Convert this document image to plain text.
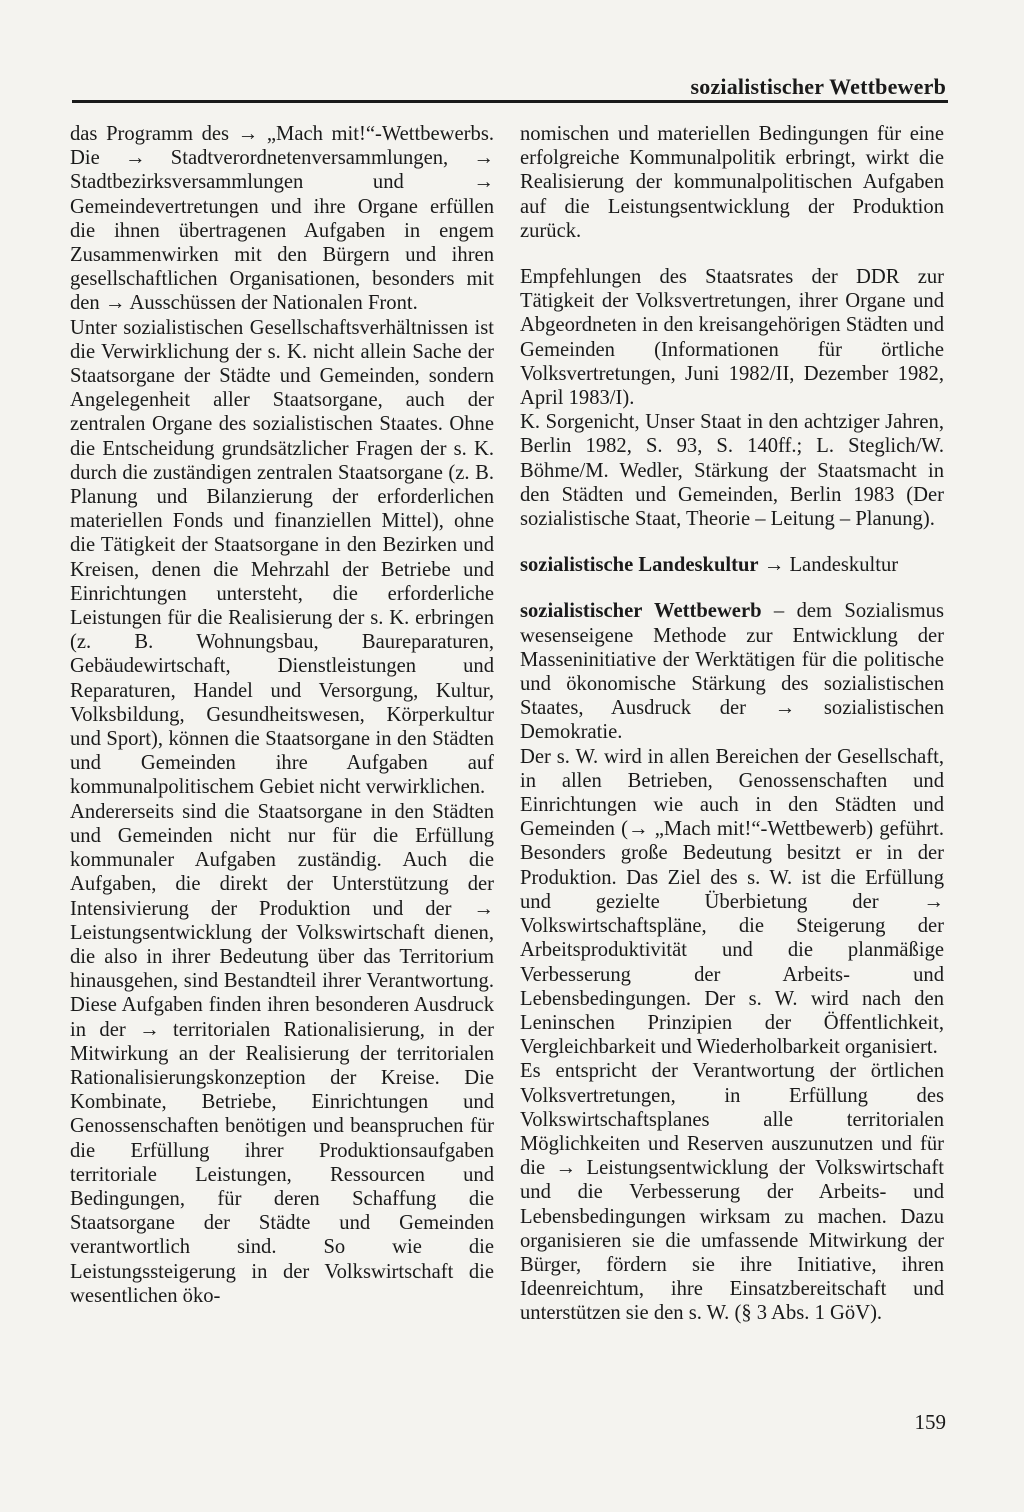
sozialistischer Wettbewerb

das Programm des → „Mach mit!“-Wettbewerbs. Die → Stadtverordnetenversammlungen, → Stadtbezirksversammlungen und → Gemeindevertretungen und ihre Organe erfüllen die ihnen übertragenen Aufgaben in engem Zusammenwirken mit den Bürgern und ihren gesellschaftlichen Organisationen, besonders mit den → Ausschüssen der Nationalen Front.

Unter sozialistischen Gesellschaftsverhältnissen ist die Verwirklichung der s. K. nicht allein Sache der Staatsorgane der Städte und Gemeinden, sondern Angelegenheit aller Staatsorgane, auch der zentralen Organe des sozialistischen Staates. Ohne die Entscheidung grundsätzlicher Fragen der s. K. durch die zuständigen zentralen Staatsorgane (z. B. Planung und Bilanzierung der erforderlichen materiellen Fonds und finanziellen Mittel), ohne die Tätigkeit der Staatsorgane in den Bezirken und Kreisen, denen die Mehrzahl der Betriebe und Einrichtungen untersteht, die erforderliche Leistungen für die Realisierung der s. K. erbringen (z. B. Wohnungsbau, Baureparaturen, Gebäudewirtschaft, Dienstleistungen und Reparaturen, Handel und Versorgung, Kultur, Volksbildung, Gesundheitswesen, Körperkultur und Sport), können die Staatsorgane in den Städten und Gemeinden ihre Aufgaben auf kommunalpolitischem Gebiet nicht verwirklichen.

Andererseits sind die Staatsorgane in den Städten und Gemeinden nicht nur für die Erfüllung kommunaler Aufgaben zuständig. Auch die Aufgaben, die direkt der Unterstützung der Intensivierung der Produktion und der → Leistungsentwicklung der Volkswirtschaft dienen, die also in ihrer Bedeutung über das Territorium hinausgehen, sind Bestandteil ihrer Verantwortung. Diese Aufgaben finden ihren besonderen Ausdruck in der → territorialen Rationalisierung, in der Mitwirkung an der Realisierung der territorialen Rationalisierungskonzeption der Kreise. Die Kombinate, Betriebe, Einrichtungen und Genossenschaften benötigen und beanspruchen für die Erfüllung ihrer Produktionsaufgaben territoriale Leistungen, Ressourcen und Bedingungen, für deren Schaffung die Staatsorgane der Städte und Gemeinden verantwortlich sind. So wie die Leistungssteigerung in der Volkswirtschaft die wesentlichen öko-

nomischen und materiellen Bedingungen für eine erfolgreiche Kommunalpolitik erbringt, wirkt die Realisierung der kommunalpolitischen Aufgaben auf die Leistungsentwicklung der Produktion zurück.

Empfehlungen des Staatsrates der DDR zur Tätigkeit der Volksvertretungen, ihrer Organe und Abgeordneten in den kreisangehörigen Städten und Gemeinden (Informationen für örtliche Volksvertretungen, Juni 1982/II, Dezember 1982, April 1983/I).

K. Sorgenicht, Unser Staat in den achtziger Jahren, Berlin 1982, S. 93, S. 140ff.; L. Steglich/W. Böhme/M. Wedler, Stärkung der Staatsmacht in den Städten und Gemeinden, Berlin 1983 (Der sozialistische Staat, Theorie – Leitung – Planung).

sozialistische Landeskultur → Landeskultur

sozialistischer Wettbewerb – dem Sozialismus wesenseigene Methode zur Entwicklung der Masseninitiative der Werktätigen für die politische und ökonomische Stärkung des sozialistischen Staates, Ausdruck der → sozialistischen Demokratie.

Der s. W. wird in allen Bereichen der Gesellschaft, in allen Betrieben, Genossenschaften und Einrichtungen wie auch in den Städten und Gemeinden (→ „Mach mit!“-Wettbewerb) geführt. Besonders große Bedeutung besitzt er in der Produktion. Das Ziel des s. W. ist die Erfüllung und gezielte Überbietung der → Volkswirtschaftspläne, die Steigerung der Arbeitsproduktivität und die planmäßige Verbesserung der Arbeits- und Lebensbedingungen. Der s. W. wird nach den Leninschen Prinzipien der Öffentlichkeit, Vergleichbarkeit und Wiederholbarkeit organisiert.

Es entspricht der Verantwortung der örtlichen Volksvertretungen, in Erfüllung des Volkswirtschaftsplanes alle territorialen Möglichkeiten und Reserven auszunutzen und für die → Leistungsentwicklung der Volkswirtschaft und die Verbesserung der Arbeits- und Lebensbedingungen wirksam zu machen. Dazu organisieren sie die umfassende Mitwirkung der Bürger, fördern sie ihre Initiative, ihren Ideenreichtum, ihre Einsatzbereitschaft und unterstützen sie den s. W. (§ 3 Abs. 1 GöV).

159
